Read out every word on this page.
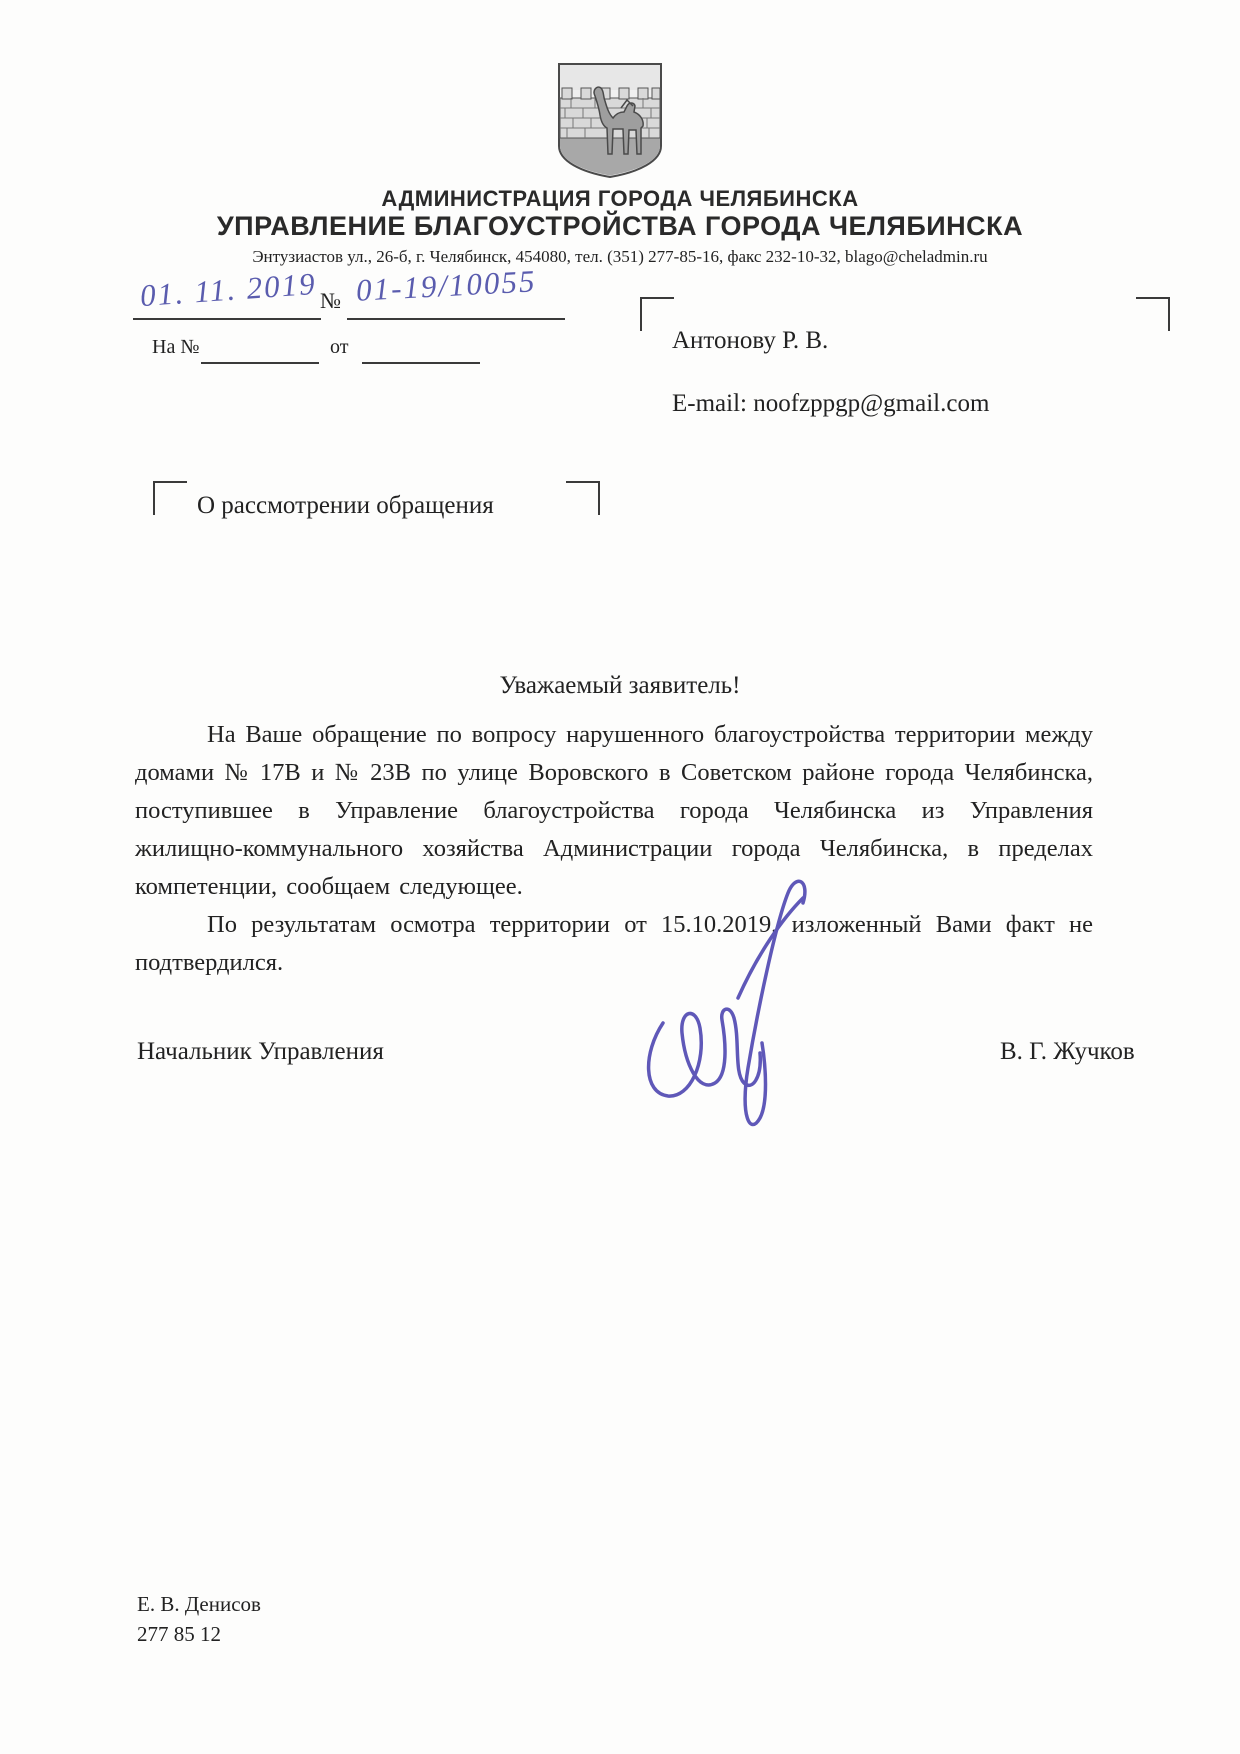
АДМИНИСТРАЦИЯ ГОРОДА ЧЕЛЯБИНСКА
УПРАВЛЕНИЕ БЛАГОУСТРОЙСТВА ГОРОДА ЧЕЛЯБИНСКА
Энтузиастов ул., 26-б, г. Челябинск, 454080, тел. (351) 277-85-16, факс 232-10-32, blago@cheladmin.ru
01. 11. 2019 № 01-19/10055
На №	от	Антонову Р. В.
E-mail: noofzppgp@gmail.com
О рассмотрении обращения
Уважаемый заявитель!

На Ваше обращение по вопросу нарушенного благоустройства территории между домами № 17В и № 23В по улице Воровского в Советском районе города Челябинска, поступившее в Управление благоустройства города Челябинска из Управления жилищно-коммунального хозяйства Администрации города Челябинска, в пределах компетенции, сообщаем следующее.

По результатам осмотра территории от 15.10.2019, изложенный Вами факт не подтвердился.

Начальник Управления	В. Г. Жучков
Е. В. Денисов
277 85 12
